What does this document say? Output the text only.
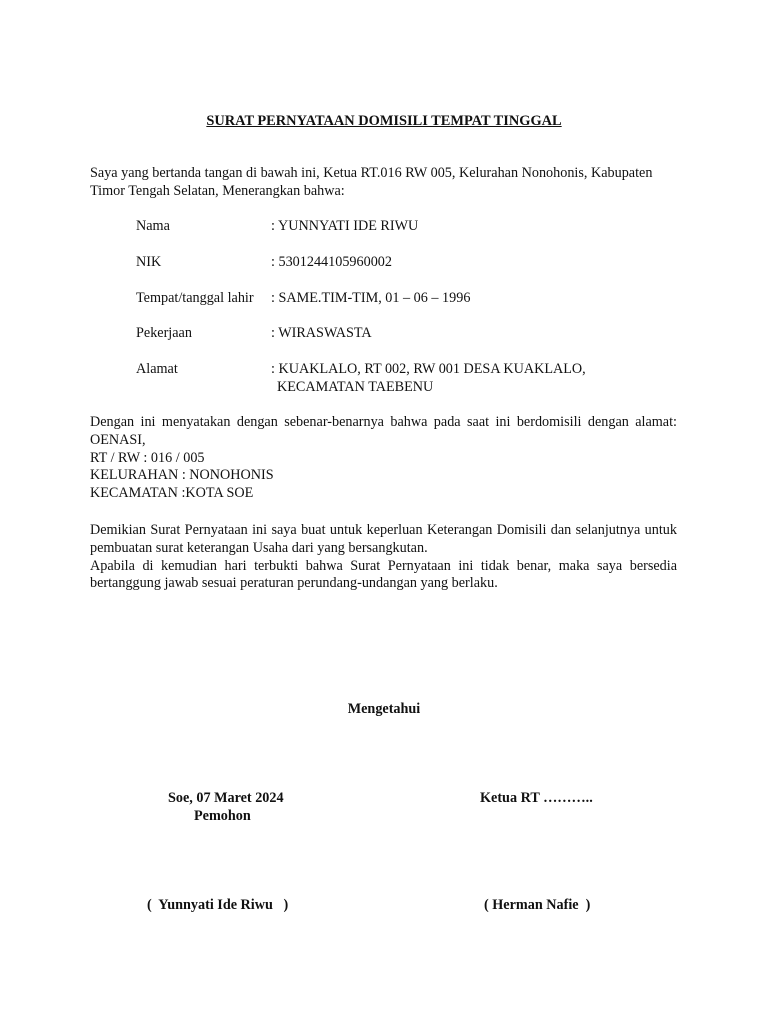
SURAT PERNYATAAN DOMISILI TEMPAT TINGGAL

Saya yang bertanda tangan di bawah ini, Ketua RT.016 RW 005, Kelurahan Nonohonis, Kabupaten Timor Tengah Selatan, Menerangkan bahwa:

Nama	: YUNNYATI IDE RIWU
NIK	: 5301244105960002
Tempat/tanggal lahir : SAME.TIM-TIM, 01 – 06 – 1996
Pekerjaan	: WIRASWASTA
Alamat	: KUAKLALO, RT 002, RW 001 DESA KUAKLALO,
KECAMATAN TAEBENU

Dengan ini menyatakan dengan sebenar-benarnya bahwa pada saat ini berdomisili dengan alamat: OENASI,

RT / RW : 016 / 005
KELURAHAN : NONOHONIS
KECAMATAN :KOTA SOE

Demikian Surat Pernyataan ini saya buat untuk keperluan Keterangan Domisili dan selanjutnya untuk pembuatan surat keterangan Usaha dari yang bersangkutan.

Apabila di kemudian hari terbukti bahwa Surat Pernyataan ini tidak benar, maka saya bersedia bertanggung jawab sesuai peraturan perundang-undangan yang berlaku.

Mengetahui
Soe, 07 Maret 2024
Pemohon
Ketua RT ………..
(  Yunnyati Ide Riwu   )	( Herman Nafie  )
